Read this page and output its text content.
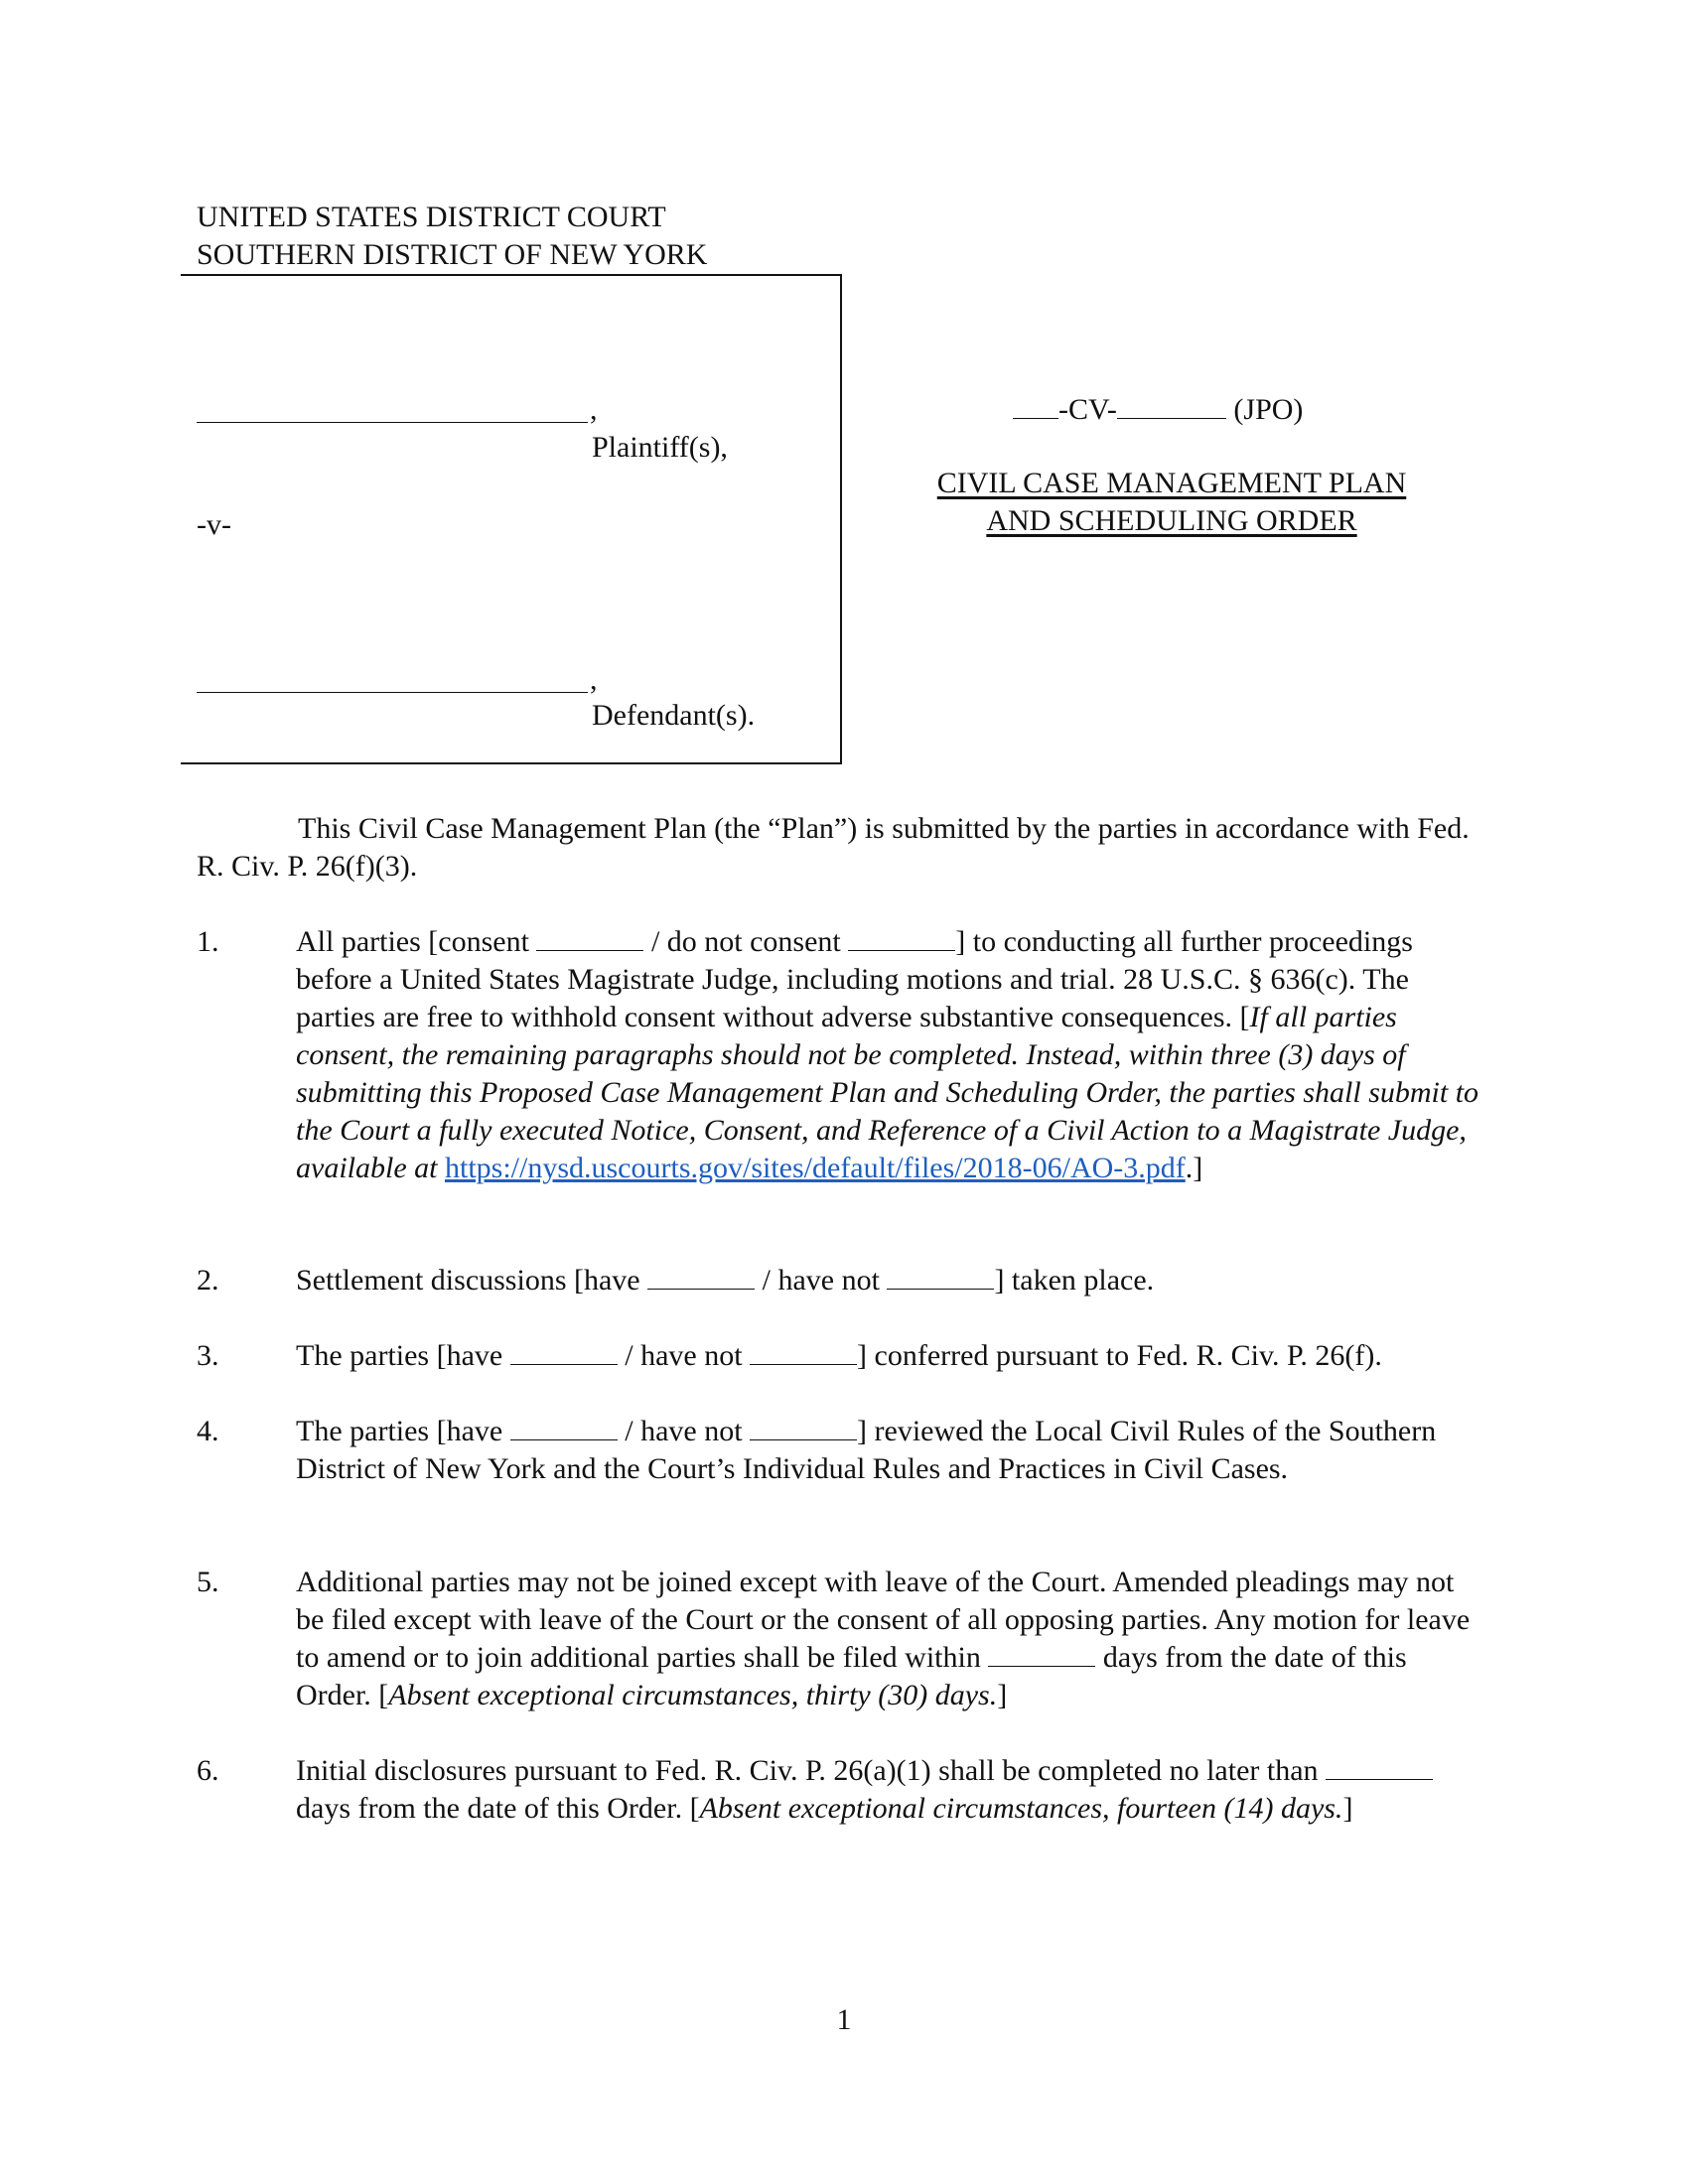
UNITED STATES DISTRICT COURT

SOUTHERN DISTRICT OF NEW YORK

,

Plaintiff(s),

-v-

,

Defendant(s).

-CV-	(JPO)

CIVIL CASE MANAGEMENT PLAN

AND SCHEDULING ORDER

This Civil Case Management Plan (the “Plan”) is submitted by the parties in accordance with Fed. R. Civ. P. 26(f)(3).

1.	All parties [consent	/ do not consent	] to conducting all further proceedings before a United States Magistrate Judge, including motions and trial. 28 U.S.C. § 636(c). The parties are free to withhold consent without adverse substantive consequences. [If all parties consent, the remaining paragraphs should not be completed. Instead, within three (3) days of submitting this Proposed Case Management Plan and Scheduling Order, the parties shall submit to the Court a fully executed Notice, Consent, and Reference of a Civil Action to a Magistrate Judge, available at https://nysd.uscourts.gov/sites/default/files/2018-06/AO-3.pdf.]
2.	Settlement discussions [have	/ have not	] taken place.
3.	The parties [have	/ have not	] conferred pursuant to Fed. R. Civ. P. 26(f).
4.	The parties [have	/ have not	] reviewed the Local Civil Rules of the Southern District of New York and the Court’s Individual Rules and Practices in Civil Cases.
5.	Additional parties may not be joined except with leave of the Court. Amended pleadings may not be filed except with leave of the Court or the consent of all opposing parties. Any motion for leave to amend or to join additional parties shall be filed within	days from the date of this Order. [Absent exceptional circumstances, thirty (30) days.]
6.	Initial disclosures pursuant to Fed. R. Civ. P. 26(a)(1) shall be completed no later than  days from the date of this Order. [Absent exceptional circumstances, fourteen (14) days.]

1
